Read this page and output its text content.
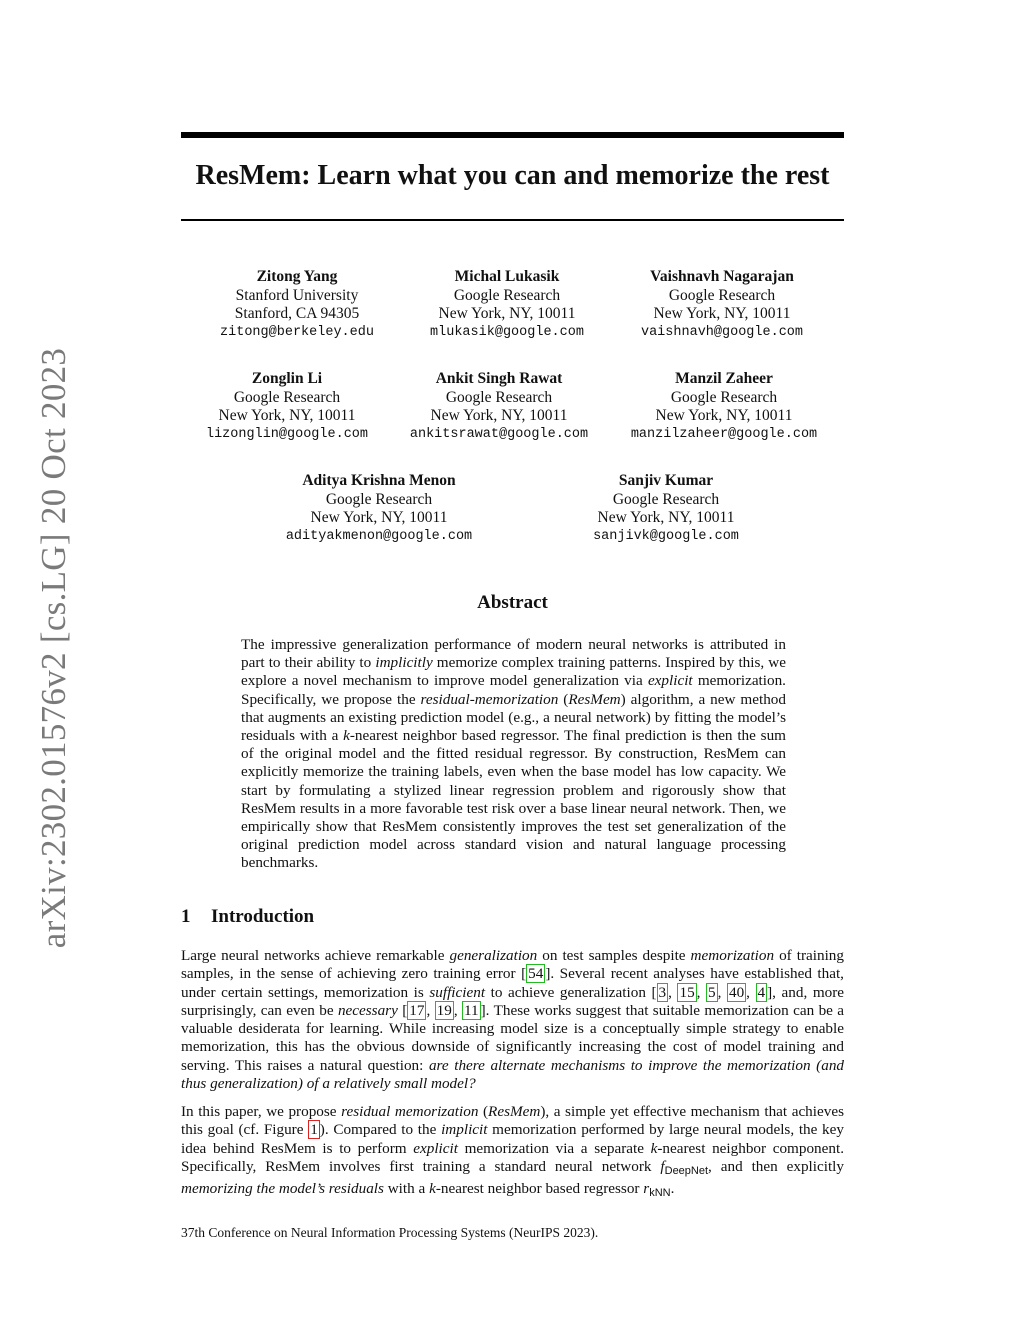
arXiv:2302.01576v2 [cs.LG] 20 Oct 2023
ResMem: Learn what you can and memorize the rest
Zitong Yang
Stanford University
Stanford, CA 94305
zitong@berkeley.edu
Michal Lukasik
Google Research
New York, NY, 10011
mlukasik@google.com
Vaishnavh Nagarajan
Google Research
New York, NY, 10011
vaishnavh@google.com
Zonglin Li
Google Research
New York, NY, 10011
lizonglin@google.com
Ankit Singh Rawat
Google Research
New York, NY, 10011
ankitsrawat@google.com
Manzil Zaheer
Google Research
New York, NY, 10011
manzilzaheer@google.com
Aditya Krishna Menon
Google Research
New York, NY, 10011
adityakmenon@google.com
Sanjiv Kumar
Google Research
New York, NY, 10011
sanjivk@google.com
Abstract

The impressive generalization performance of modern neural networks is attributed in part to their ability to implicitly memorize complex training patterns. Inspired by this, we explore a novel mechanism to improve model generalization via explicit memorization. Specifically, we propose the residual-memorization (ResMem) algorithm, a new method that augments an existing prediction model (e.g., a neural network) by fitting the model’s residuals with a k-nearest neighbor based regressor. The final prediction is then the sum of the original model and the fitted residual regressor. By construction, ResMem can explicitly memorize the training labels, even when the base model has low capacity. We start by formulating a stylized linear regression problem and rigorously show that ResMem results in a more favorable test risk over a base linear neural network. Then, we empirically show that ResMem consistently improves the test set generalization of the original prediction model across standard vision and natural language processing benchmarks.

1 Introduction

Large neural networks achieve remarkable generalization on test samples despite memorization of training samples, in the sense of achieving zero training error [ 54 ]. Several recent analyses have established that, under certain settings, memorization is sufficient to achieve generalization [ 3 , 15 , 5 , 40 , 4 ], and, more surprisingly, can even be necessary [ 17 , 19 , 11 ]. These works suggest that suitable memorization can be a valuable desiderata for learning. While increasing model size is a conceptually simple strategy to enable memorization, this has the obvious downside of significantly increasing the cost of model training and serving. This raises a natural question: are there alternate mechanisms to improve the memorization (and thus generalization) of a relatively small model?

In this paper, we propose residual memorization (ResMem), a simple yet effective mechanism that achieves this goal (cf. Figure 1 ). Compared to the implicit memorization performed by large neural models, the key idea behind ResMem is to perform explicit memorization via a separate k-nearest neighbor component. Specifically, ResMem involves first training a standard neural network $f_{DeepNet}$, and then explicitly memorizing the model’s residuals with a k-nearest neighbor based regressor $r_{kNN}$.

37th Conference on Neural Information Processing Systems (NeurIPS 2023).
